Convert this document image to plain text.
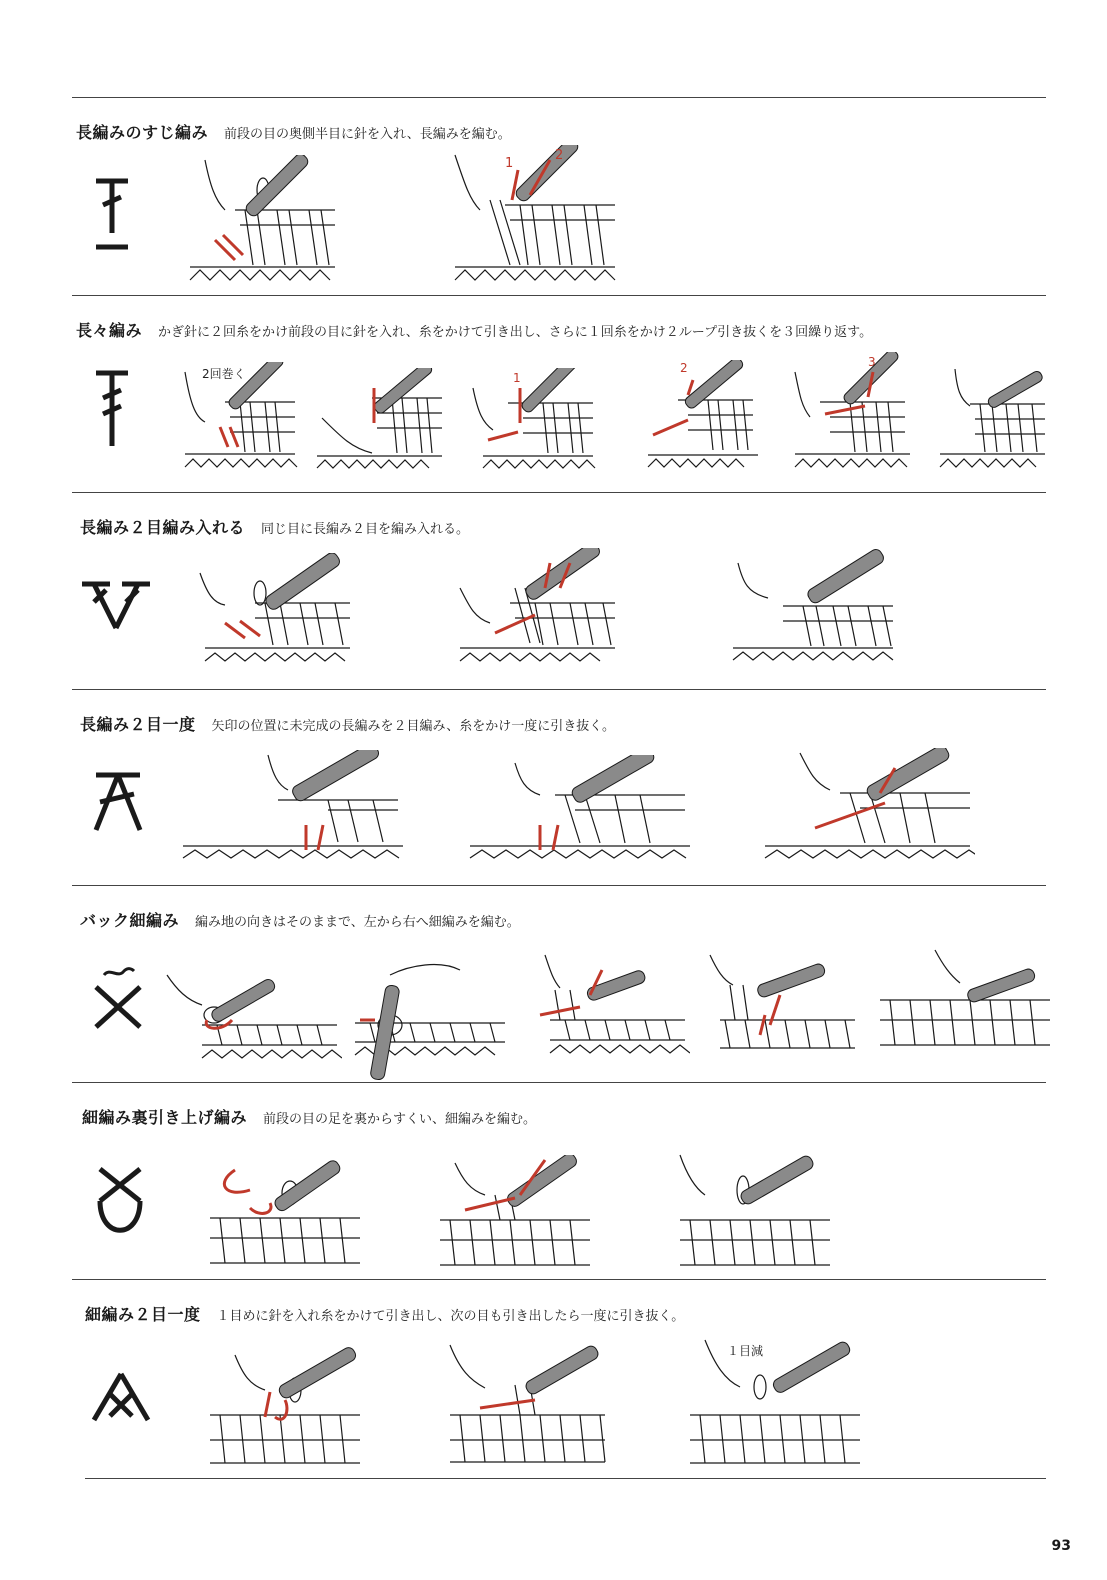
長編みのすじ編み 前段の目の奥側半目に針を入れ、長編みを編む。
1
2
長々編み かぎ針に２回糸をかけ前段の目に針を入れ、糸をかけて引き出し、さらに１回糸をかけ２ループ引き抜くを３回繰り返す。
2回巻く	1
2	3
長編み２目編み入れる 同じ目に長編み２目を編み入れる。
長編み２目一度 矢印の位置に未完成の長編みを２目編み、糸をかけ一度に引き抜く。
バック細編み 編み地の向きはそのままで、左から右へ細編みを編む。
細編み裏引き上げ編み 前段の目の足を裏からすくい、細編みを編む。
細編み２目一度 １目めに針を入れ糸をかけて引き出し、次の目も引き出したら一度に引き抜く。
１目減
93
